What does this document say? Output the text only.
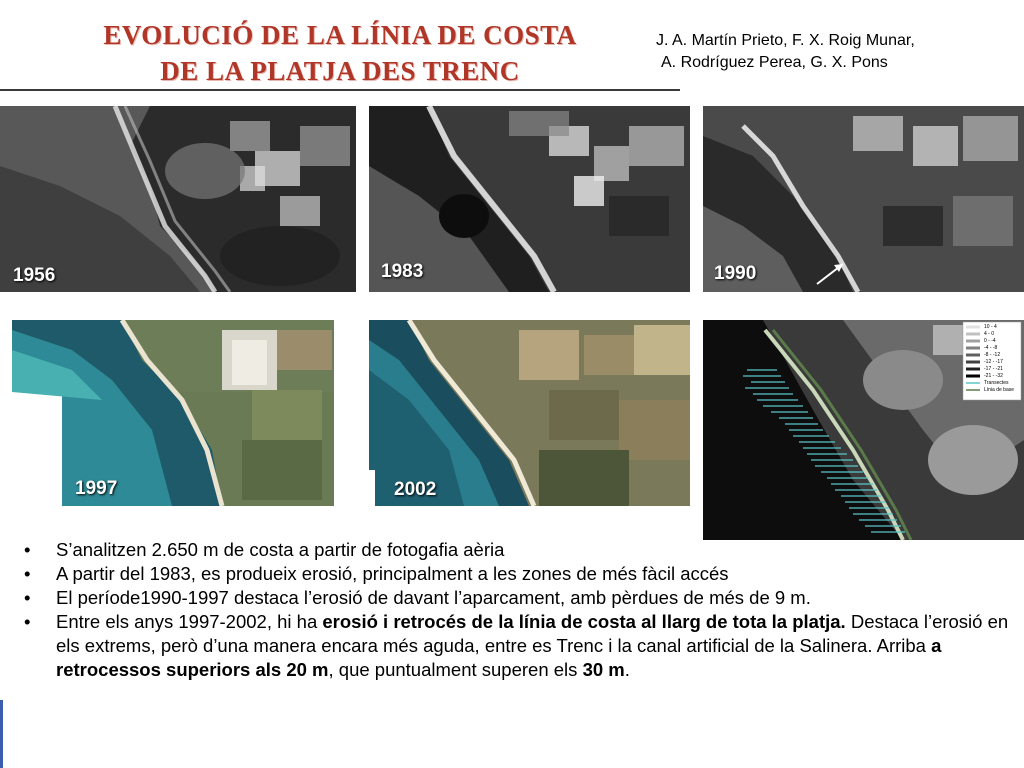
EVOLUCIÓ DE LA LÍNIA DE COSTA
DE LA PLATJA DES TRENC
J. A. Martín Prieto, F. X. Roig Munar,
A. Rodríguez Perea, G. X. Pons
1956	1983	1990
1997	2002
10 - 4
4 - 0
0 - -4
-4 - -8
-8 - -12
-12 - -17
-17 - -21
-21 - -32
Transectes
Línia de base
• S’analitzen 2.650 m de costa a partir de fotogafia aèria
• A partir del 1983, es produeix erosió, principalment a les zones de més fàcil accés
• El període1990-1997 destaca l’erosió de davant l’aparcament, amb pèrdues de més de 9 m.
• Entre els anys 1997-2002, hi ha erosió i retrocés de la línia de costa al llarg de tota la platja. Destaca l’erosió en els extrems, però d’una manera encara més aguda, entre es Trenc i la canal artificial de la Salinera. Arriba a retrocessos superiors als 20 m, que puntualment superen els 30 m.
